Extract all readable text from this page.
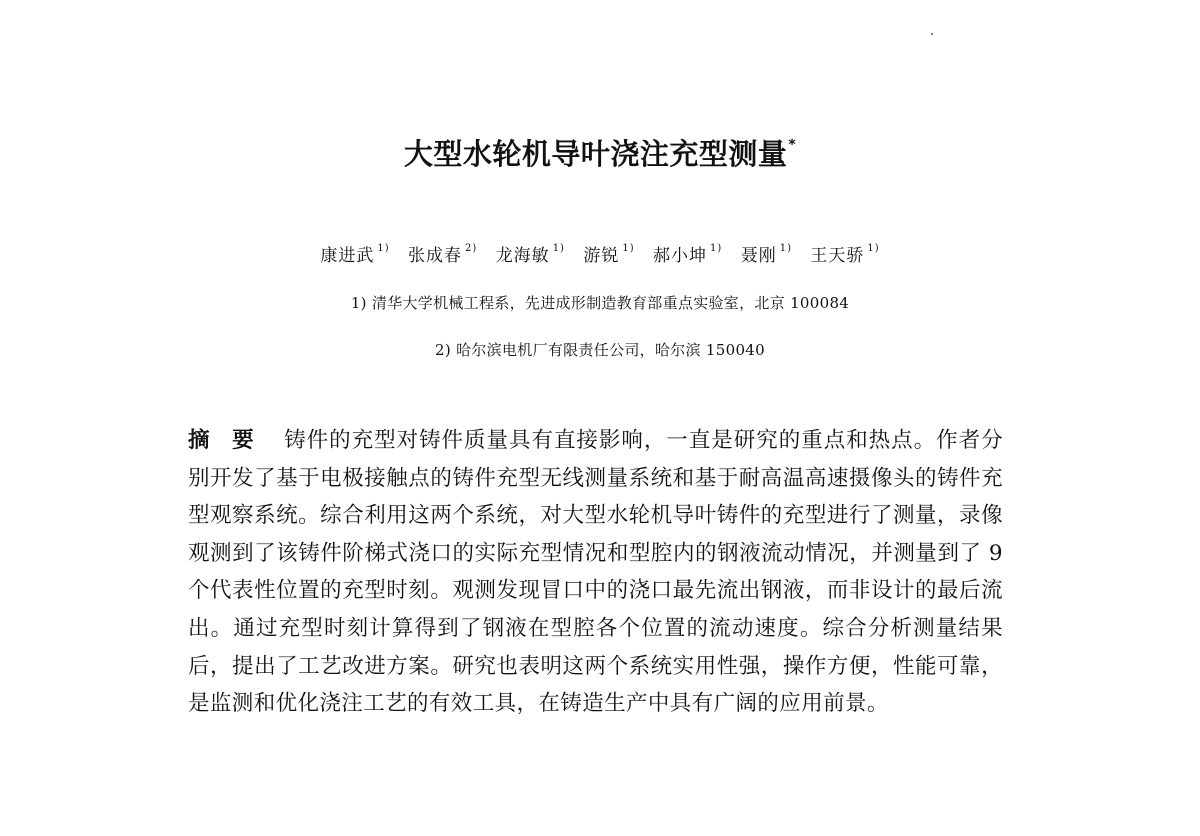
大型水轮机导叶浇注充型测量*
康进武 $^{1)}$ 张成春 $^{2)}$ 龙海敏 $^{1)}$ 游锐 $^{1)}$ 郝小坤 $^{1)}$ 聂刚 $^{1)}$ 王天骄 $^{1)}$
1) 清华大学机械工程系，先进成形制造教育部重点实验室，北京 100084
2) 哈尔滨电机厂有限责任公司，哈尔滨 150040
摘要 铸件的充型对铸件质量具有直接影响，一直是研究的重点和热点。作者分别开发了基于电极接触点的铸件充型无线测量系统和基于耐高温高速摄像头的铸件充型观察系统。综合利用这两个系统，对大型水轮机导叶铸件的充型进行了测量，录像观测到了该铸件阶梯式浇口的实际充型情况和型腔内的钢液流动情况，并测量到了 9 个代表性位置的充型时刻。观测发现冒口中的浇口最先流出钢液，而非设计的最后流出。通过充型时刻计算得到了钢液在型腔各个位置的流动速度。综合分析测量结果后，提出了工艺改进方案。研究也表明这两个系统实用性强，操作方便，性能可靠，是监测和优化浇注工艺的有效工具，在铸造生产中具有广阔的应用前景。
